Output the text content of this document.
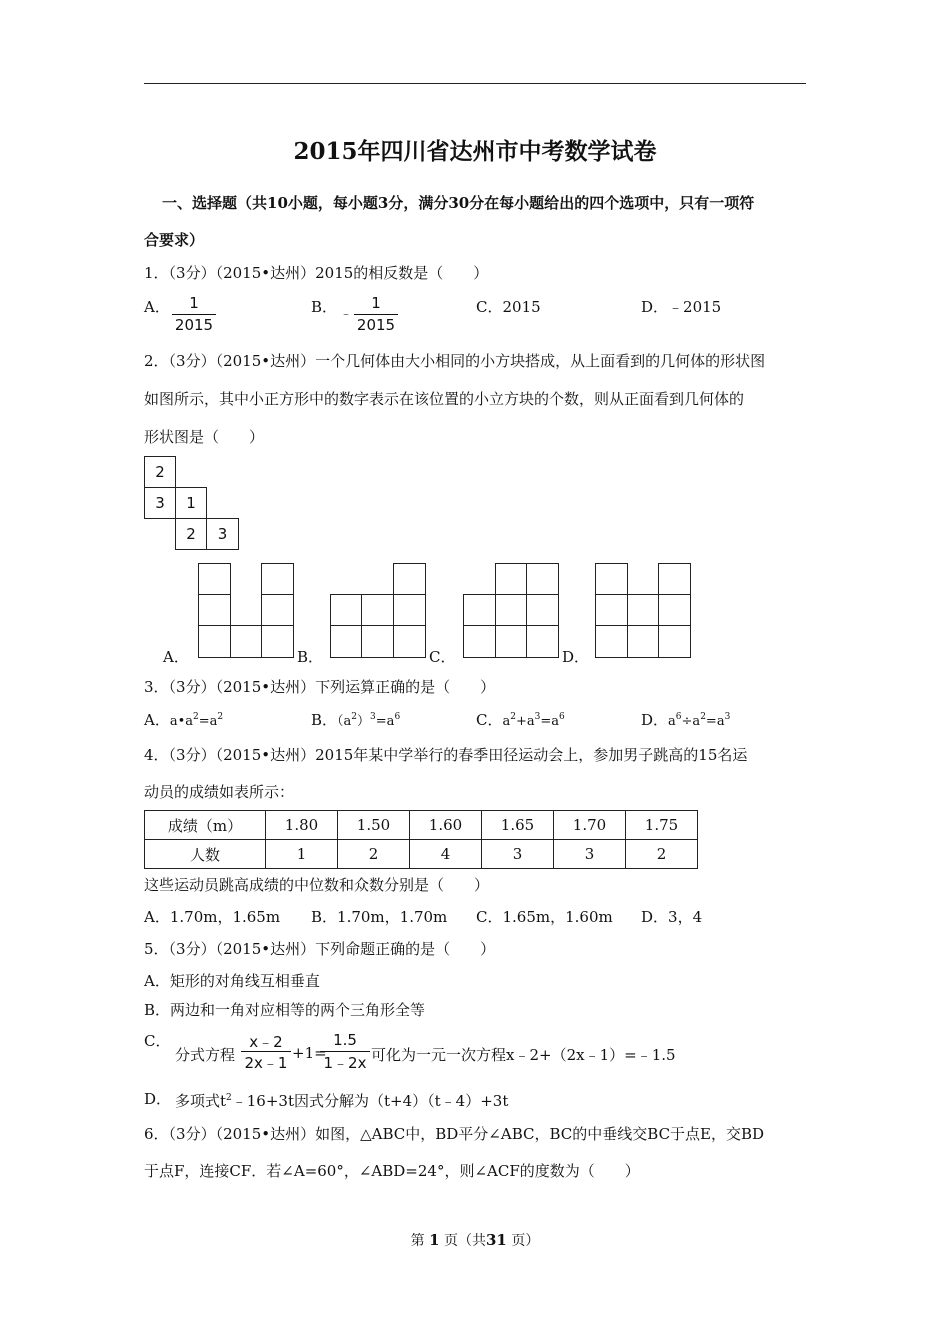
2015年四川省达州市中考数学试卷
一、选择题（共10小题，每小题3分，满分30分在每小题给出的四个选项中，只有一项符
合要求）
1．（3分）（2015•达州）2015的相反数是（　　）
A．	1
2015
B． ﹣
1
2015
C．2015	D．﹣2015
2．（3分）（2015•达州）一个几何体由大小相同的小方块搭成，从上面看到的几何体的形状图
如图所示，其中小正方形中的数字表示在该位置的小立方块的个数，则从正面看到几何体的
形状图是（　　）
2
3	1
2	3
A．	B．	C．	D．
3．（3分）（2015•达州）下列运算正确的是（　　）
A．$a•a^2=a^2$	B．$(a^2)^3=a^6$	C．$a^2+a^3=a^6$	D．$a^6\div a^2=a^3$
4．（3分）（2015•达州）2015年某中学举行的春季田径运动会上，参加男子跳高的15名运
动员的成绩如表所示：
成绩（m）	1.80	1.50	1.60	1.65	1.70	1.75
人数	1	2	4	3	3	2
这些运动员跳高成绩的中位数和众数分别是（　　）
A．1.70m，1.65m B．1.70m，1.70m C．1.65m，1.60m D．3，4
5．（3分）（2015•达州）下列命题正确的是（　　）
A．矩形的对角线互相垂直
B．两边和一角对应相等的两个三角形全等
C．
分式方程
x﹣2
2x﹣1
+1=
1.5
1﹣2x 可化为一元一次方程x﹣2+（2x﹣1）=﹣1.5
D． 多项式$t^2﹣16+3t$因式分解为（t+4）（t﹣4）+3t
6．（3分）（2015•达州）如图，△ABC中，BD平分∠ABC，BC的中垂线交BC于点E，交BD
于点F，连接CF．若∠A=60°，∠ABD=24°，则∠ACF的度数为（　　）
第 1 页（共31 页）
